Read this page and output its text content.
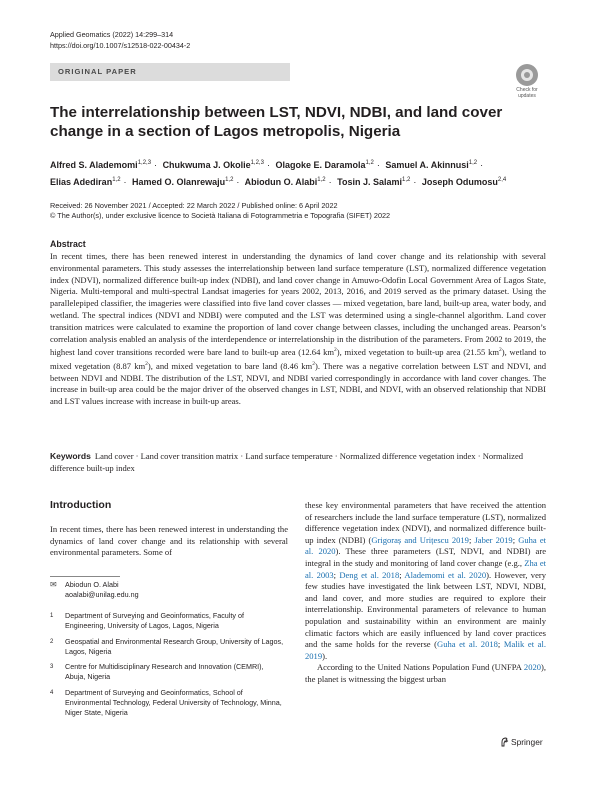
Applied Geomatics (2022) 14:299–314
https://doi.org/10.1007/s12518-022-00434-2
ORIGINAL PAPER
Check for
updates
The interrelationship between LST, NDVI, NDBI, and land cover change in a section of Lagos metropolis, Nigeria
Alfred S. Alademomi$^{1,2,3}$ · Chukwuma J. Okolie$^{1,2,3}$ · Olagoke E. Daramola$^{1,2}$ · Samuel A. Akinnusi$^{1,2}$ ·
Elias Adediran$^{1,2}$ · Hamed O. Olanrewaju$^{1,2}$ · Abiodun O. Alabi$^{1,2}$ · Tosin J. Salami$^{1,2}$ · Joseph Odumosu$^{2,4}$
Received: 26 November 2021 / Accepted: 22 March 2022 / Published online: 6 April 2022
© The Author(s), under exclusive licence to Società Italiana di Fotogrammetria e Topografia (SIFET) 2022
Abstract
In recent times, there has been renewed interest in understanding the dynamics of land cover change and its relationship with several environmental parameters. This study assesses the interrelationship between land surface temperature (LST), normalized difference vegetation index (NDVI), normalized difference built-up index (NDBI), and land cover change in Amuwo-Odofin Local Government Area of Lagos State, Nigeria. Multi-temporal and multi-spectral Landsat imageries for years 2002, 2013, 2016, and 2019 served as the primary dataset. Using the parallelepiped classifier, the imageries were classified into five land cover classes — mixed vegetation, bare land, built-up area, water body, and wetland. The spectral indices (NDVI and NDBI) were computed and the LST was determined using a single-channel algorithm. Land cover transition matrices were calculated to examine the proportion of land cover change between classes, including the unchanged areas. Pearson’s correlation analysis enabled an analysis of the interdependence or interrelationship in the distribution of the parameters. From 2002 to 2019, the highest land cover transitions recorded were bare land to built-up area (12.64 $km^2$), mixed vegetation to built-up area (21.55 $km^2$), wetland to mixed vegetation (8.87 $km^2$), and mixed vegetation to bare land (8.46 $km^2$). There was a negative correlation between LST and NDVI, and between NDVI and NDBI. The distribution of the LST, NDVI, and NDBI varied correspondingly in accordance with land cover changes. The increase in built-up area could be the major driver of the observed changes in LST, NDBI, and NDVI, with an observed relationship that NDBI and LST values increase with increase in built-up areas.
Keywords Land cover · Land cover transition matrix · Land surface temperature · Normalized difference vegetation index · Normalized difference built-up index
Introduction

In recent times, there has been renewed interest in understanding the dynamics of land cover change and its relationship with several environmental parameters. Some of

✉	Abiodun O. Alabi
aoalabi@unilag.edu.ng
1 Department of Surveying and Geoinformatics, Faculty of Engineering, University of Lagos, Lagos, Nigeria
2 Geospatial and Environmental Research Group, University of Lagos, Lagos, Nigeria
3 Centre for Multidisciplinary Research and Innovation (CEMRI), Abuja, Nigeria
4 Department of Surveying and Geoinformatics, School of Environmental Technology, Federal University of Technology, Minna, Niger State, Nigeria

these key environmental parameters that have received the attention of researchers include the land surface temperature (LST), normalized difference vegetation index (NDVI), and normalized difference built-up index (NDBI) (Grigoraș and Urițescu 2019; Jaber 2019; Guha et al. 2020). These three parameters (LST, NDVI, and NDBI) are integral in the study and monitoring of land cover change (e.g., Zha et al. 2003; Deng et al. 2018; Alademomi et al. 2020). However, very few studies have investigated the link between LST, NDVI, NDBI, and land cover, and more studies are required to explore their interrelationship. Environmental parameters of relevance to human population and sustainability within an environment are mainly climatic factors which are easily influenced by land cover practices and the same holds for the reverse (Guha et al. 2018; Malik et al. 2019).

According to the United Nations Population Fund (UNFPA 2020), the planet is witnessing the biggest urban

Springer
